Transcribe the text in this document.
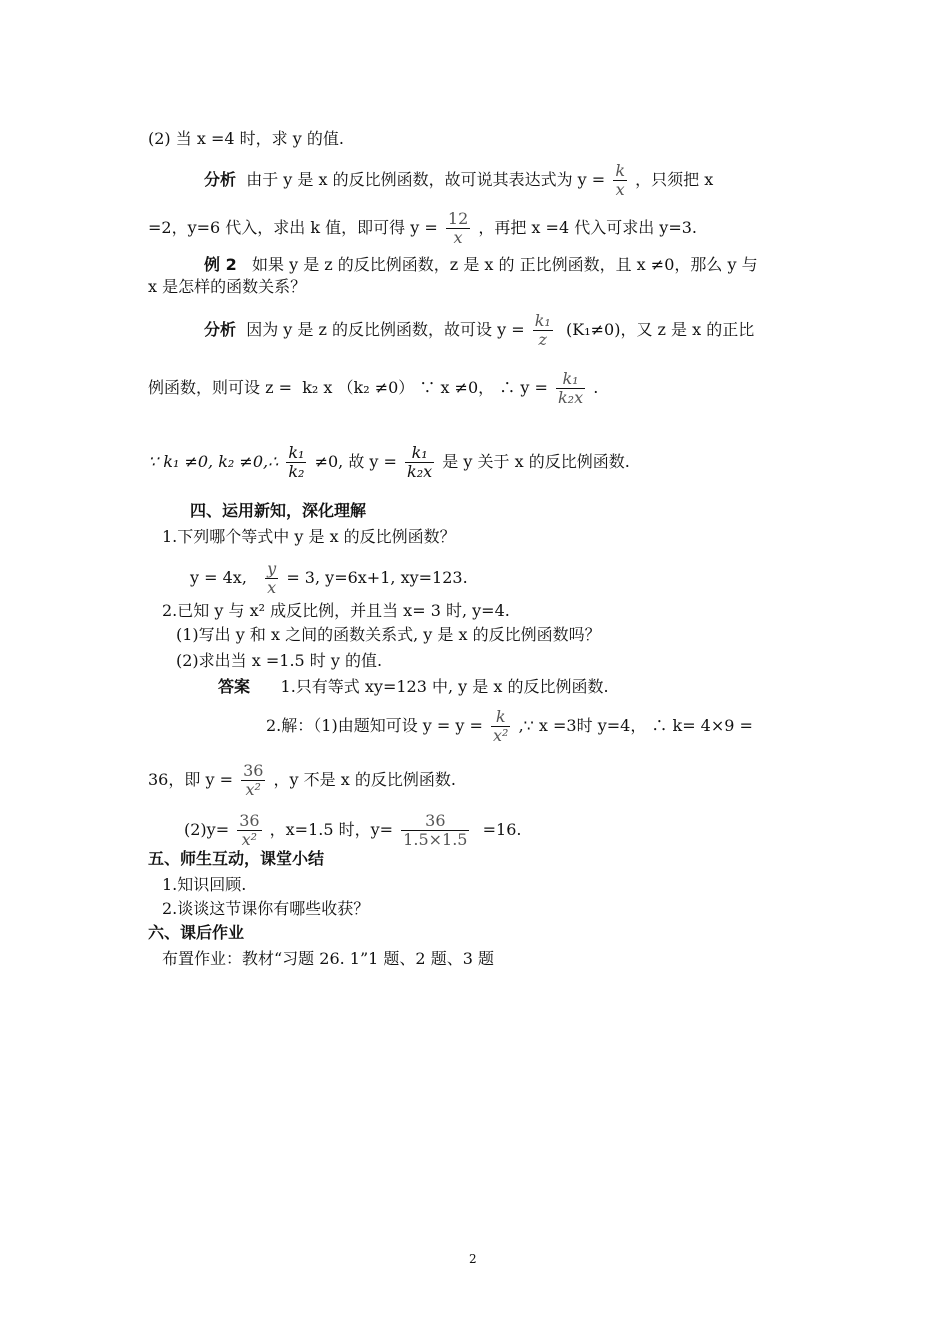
(2) 当 x =4 时，求 y 的值.
分析 由于 y 是 x 的反比例函数，故可说其表达式为 $y = \frac{k}{x}$ ，只须把 x
=2，y=6 代入，求出 k 值，即可得 $y = \frac{12}{x}$ ，再把 x =4 代入可求出 y=3.
例 2 如果 y 是 z 的反比例函数，z 是 x 的 正比例函数，且 x ≠0，那么 y 与
x 是怎样的函数关系？
分析 因为 y 是 z 的反比例函数，故可设 $y = \frac{\text{k₁}}{z} (K_1\ne 0)$，又 z 是 x 的正比
例函数，则可设 z = k₂ x （k₂ ≠0） ∵ x ≠0， ∴ $y = \frac{\text{k₁}}{\text{k₂x}}$ .
∵ k₁ ≠0, k₂ ≠0,∴ $\frac{\text{k₁}}{\text{k₂}} \ne 0$, 故 $y = \frac{\text{k₁}}{\text{k₂x}}$ 是 y 关于 x 的反比例函数.
四、运用新知，深化理解
1.下列哪个等式中 y 是 x 的反比例函数？
y = 4x, $\frac{y}{x} = 3$, y=6x+1, xy=123.
2.已知 y 与 x² 成反比例，并且当 x= 3 时, y=4.
(1)写出 y 和 x 之间的函数关系式, y 是 x 的反比例函数吗？
(2)求出当 x =1.5 时 y 的值.
答案 1.只有等式 xy=123 中, y 是 x 的反比例函数.
2.解：（1)由题知可设 $y = y = \frac{k}{\text{x²}}$ ,∵ x =3时 y=4， ∴ k= 4×9 =
36，即 $y = \frac{36}{\text{x²}}$ ，y 不是 x 的反比例函数.
$(2)y= \frac{36}{\text{x²}}$ ，x=1.5 时，$y= \frac{36}{1.5\times 1.5} =16$.
五、师生互动，课堂小结
1.知识回顾.
2.谈谈这节课你有哪些收获？
六、课后作业
布置作业：教材“习题 26. 1”1 题、2 题、3 题
2
